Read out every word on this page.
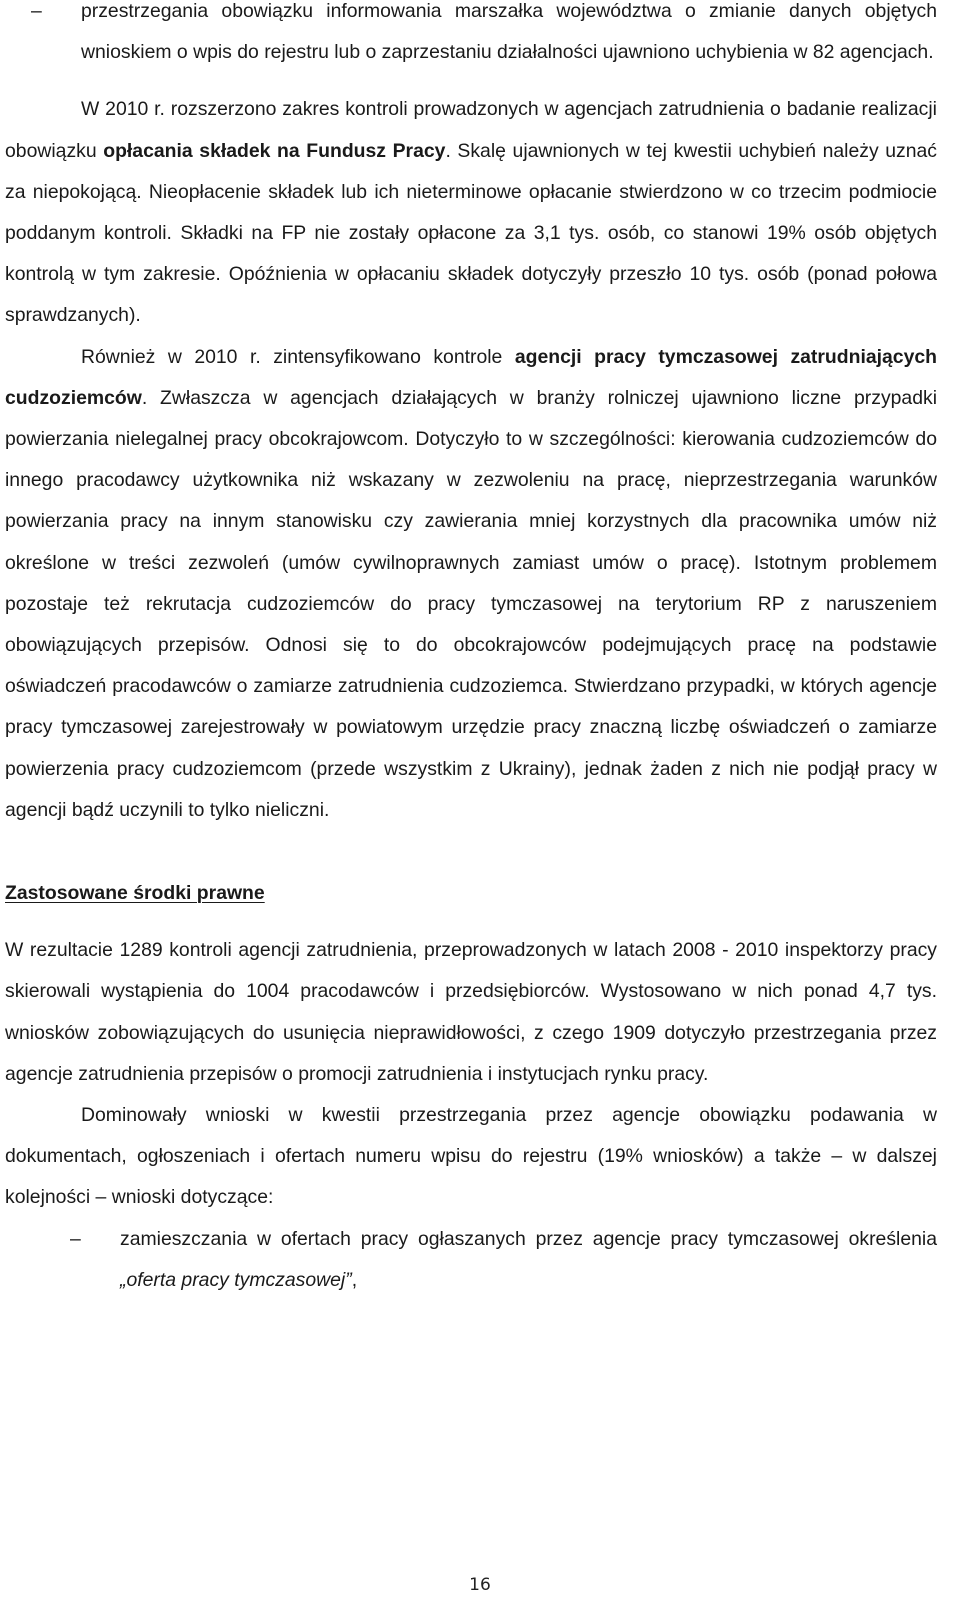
– przestrzegania obowiązku informowania marszałka województwa o zmianie danych objętych wnioskiem o wpis do rejestru lub o zaprzestaniu działalności ujawniono uchybienia w 82 agencjach.

W 2010 r. rozszerzono zakres kontroli prowadzonych w agencjach zatrudnienia o badanie realizacji obowiązku opłacania składek na Fundusz Pracy. Skalę ujawnionych w tej kwestii uchybień należy uznać za niepokojącą. Nieopłacenie składek lub ich nieterminowe opłacanie stwierdzono w co trzecim podmiocie poddanym kontroli. Składki na FP nie zostały opłacone za 3,1 tys. osób, co stanowi 19% osób objętych kontrolą w tym zakresie. Opóźnienia w opłacaniu składek dotyczyły przeszło 10 tys. osób (ponad połowa sprawdzanych).

Również w 2010 r. zintensyfikowano kontrole agencji pracy tymczasowej zatrudniających cudzoziemców. Zwłaszcza w agencjach działających w branży rolniczej ujawniono liczne przypadki powierzania nielegalnej pracy obcokrajowcom. Dotyczyło to w szczególności: kierowania cudzoziemców do innego pracodawcy użytkownika niż wskazany w zezwoleniu na pracę, nieprzestrzegania warunków powierzania pracy na innym stanowisku czy zawierania mniej korzystnych dla pracownika umów niż określone w treści zezwoleń (umów cywilnoprawnych zamiast umów o pracę). Istotnym problemem pozostaje też rekrutacja cudzoziemców do pracy tymczasowej na terytorium RP z naruszeniem obowiązujących przepisów. Odnosi się to do obcokrajowców podejmujących pracę na podstawie oświadczeń pracodawców o zamiarze zatrudnienia cudzoziemca. Stwierdzano przypadki, w których agencje pracy tymczasowej zarejestrowały w powiatowym urzędzie pracy znaczną liczbę oświadczeń o zamiarze powierzenia pracy cudzoziemcom (przede wszystkim z Ukrainy), jednak żaden z nich nie podjął pracy w agencji bądź uczynili to tylko nieliczni.

Zastosowane środki prawne

W rezultacie 1289 kontroli agencji zatrudnienia, przeprowadzonych w latach 2008 - 2010 inspektorzy pracy skierowali wystąpienia do 1004 pracodawców i przedsiębiorców. Wystosowano w nich ponad 4,7 tys. wniosków zobowiązujących do usunięcia nieprawidłowości, z czego 1909 dotyczyło przestrzegania przez agencje zatrudnienia przepisów o promocji zatrudnienia i instytucjach rynku pracy.

Dominowały wnioski w kwestii przestrzegania przez agencje obowiązku podawania w dokumentach, ogłoszeniach i ofertach numeru wpisu do rejestru (19% wniosków) a także – w dalszej kolejności – wnioski dotyczące:

– zamieszczania w ofertach pracy ogłaszanych przez agencje pracy tymczasowej określenia „oferta pracy tymczasowej”,

16
